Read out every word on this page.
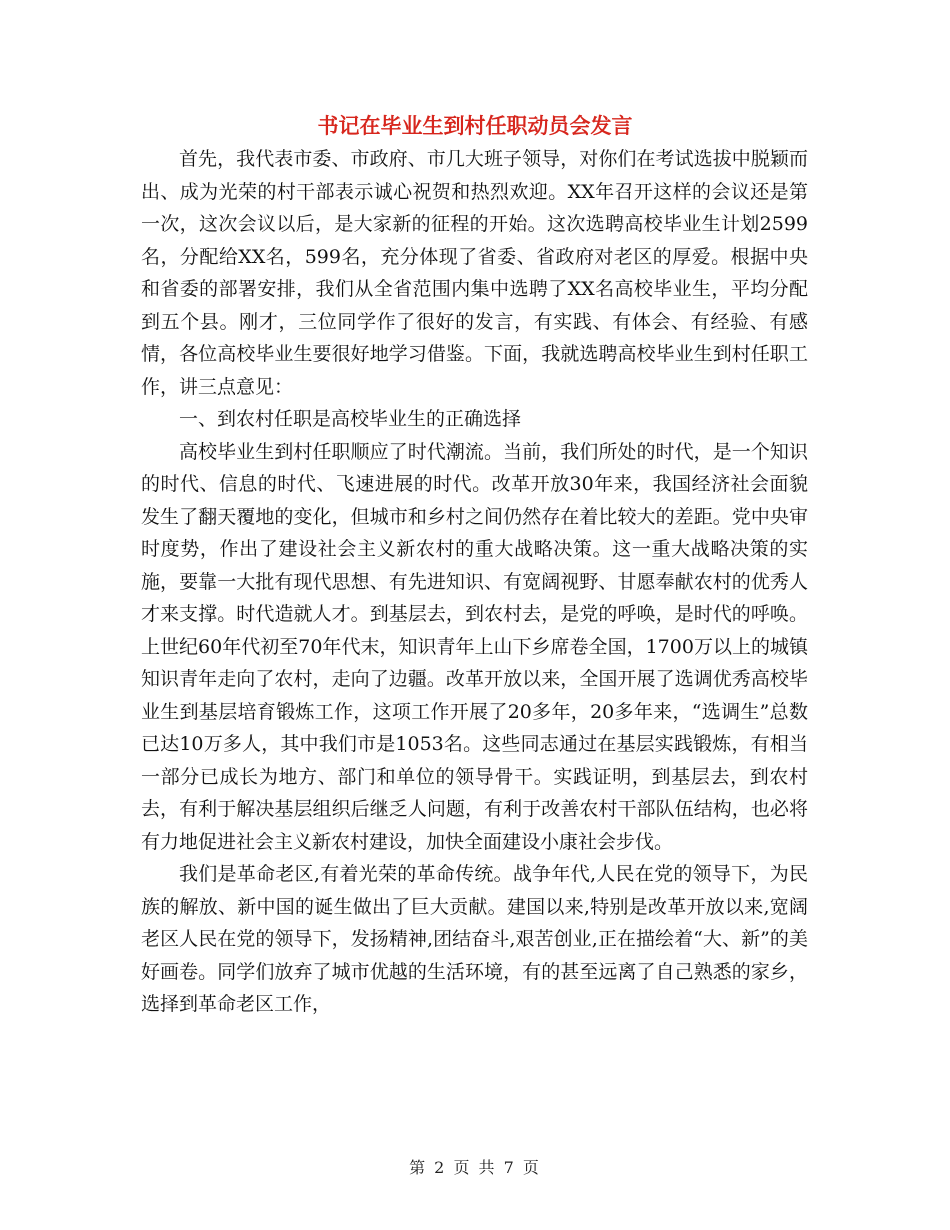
书记在毕业生到村任职动员会发言

首先，我代表市委、市政府、市几大班子领导，对你们在考试选拔中脱颖而出、成为光荣的村干部表示诚心祝贺和热烈欢迎。XX年召开这样的会议还是第一次，这次会议以后，是大家新的征程的开始。这次选聘高校毕业生计划2599名，分配给XX名，599名，充分体现了省委、省政府对老区的厚爱。根据中央和省委的部署安排，我们从全省范围内集中选聘了XX名高校毕业生，平均分配到五个县。刚才，三位同学作了很好的发言，有实践、有体会、有经验、有感情，各位高校毕业生要很好地学习借鉴。下面，我就选聘高校毕业生到村任职工作，讲三点意见：

一、到农村任职是高校毕业生的正确选择

高校毕业生到村任职顺应了时代潮流。当前，我们所处的时代，是一个知识的时代、信息的时代、飞速进展的时代。改革开放30年来，我国经济社会面貌发生了翻天覆地的变化，但城市和乡村之间仍然存在着比较大的差距。党中央审时度势，作出了建设社会主义新农村的重大战略决策。这一重大战略决策的实施，要靠一大批有现代思想、有先进知识、有宽阔视野、甘愿奉献农村的优秀人才来支撑。时代造就人才。到基层去，到农村去，是党的呼唤，是时代的呼唤。上世纪60年代初至70年代末，知识青年上山下乡席卷全国，1700万以上的城镇知识青年走向了农村，走向了边疆。改革开放以来，全国开展了选调优秀高校毕业生到基层培育锻炼工作，这项工作开展了20多年，20多年来，“选调生”总数已达10万多人，其中我们市是1053名。这些同志通过在基层实践锻炼，有相当一部分已成长为地方、部门和单位的领导骨干。实践证明，到基层去，到农村去，有利于解决基层组织后继乏人问题，有利于改善农村干部队伍结构，也必将有力地促进社会主义新农村建设，加快全面建设小康社会步伐。

我们是革命老区,有着光荣的革命传统。战争年代,人民在党的领导下，为民族的解放、新中国的诞生做出了巨大贡献。建国以来,特别是改革开放以来,宽阔老区人民在党的领导下，发扬精神,团结奋斗,艰苦创业,正在描绘着“大、新”的美好画卷。同学们放弃了城市优越的生活环境，有的甚至远离了自己熟悉的家乡，选择到革命老区工作，

第 2 页 共 7 页
